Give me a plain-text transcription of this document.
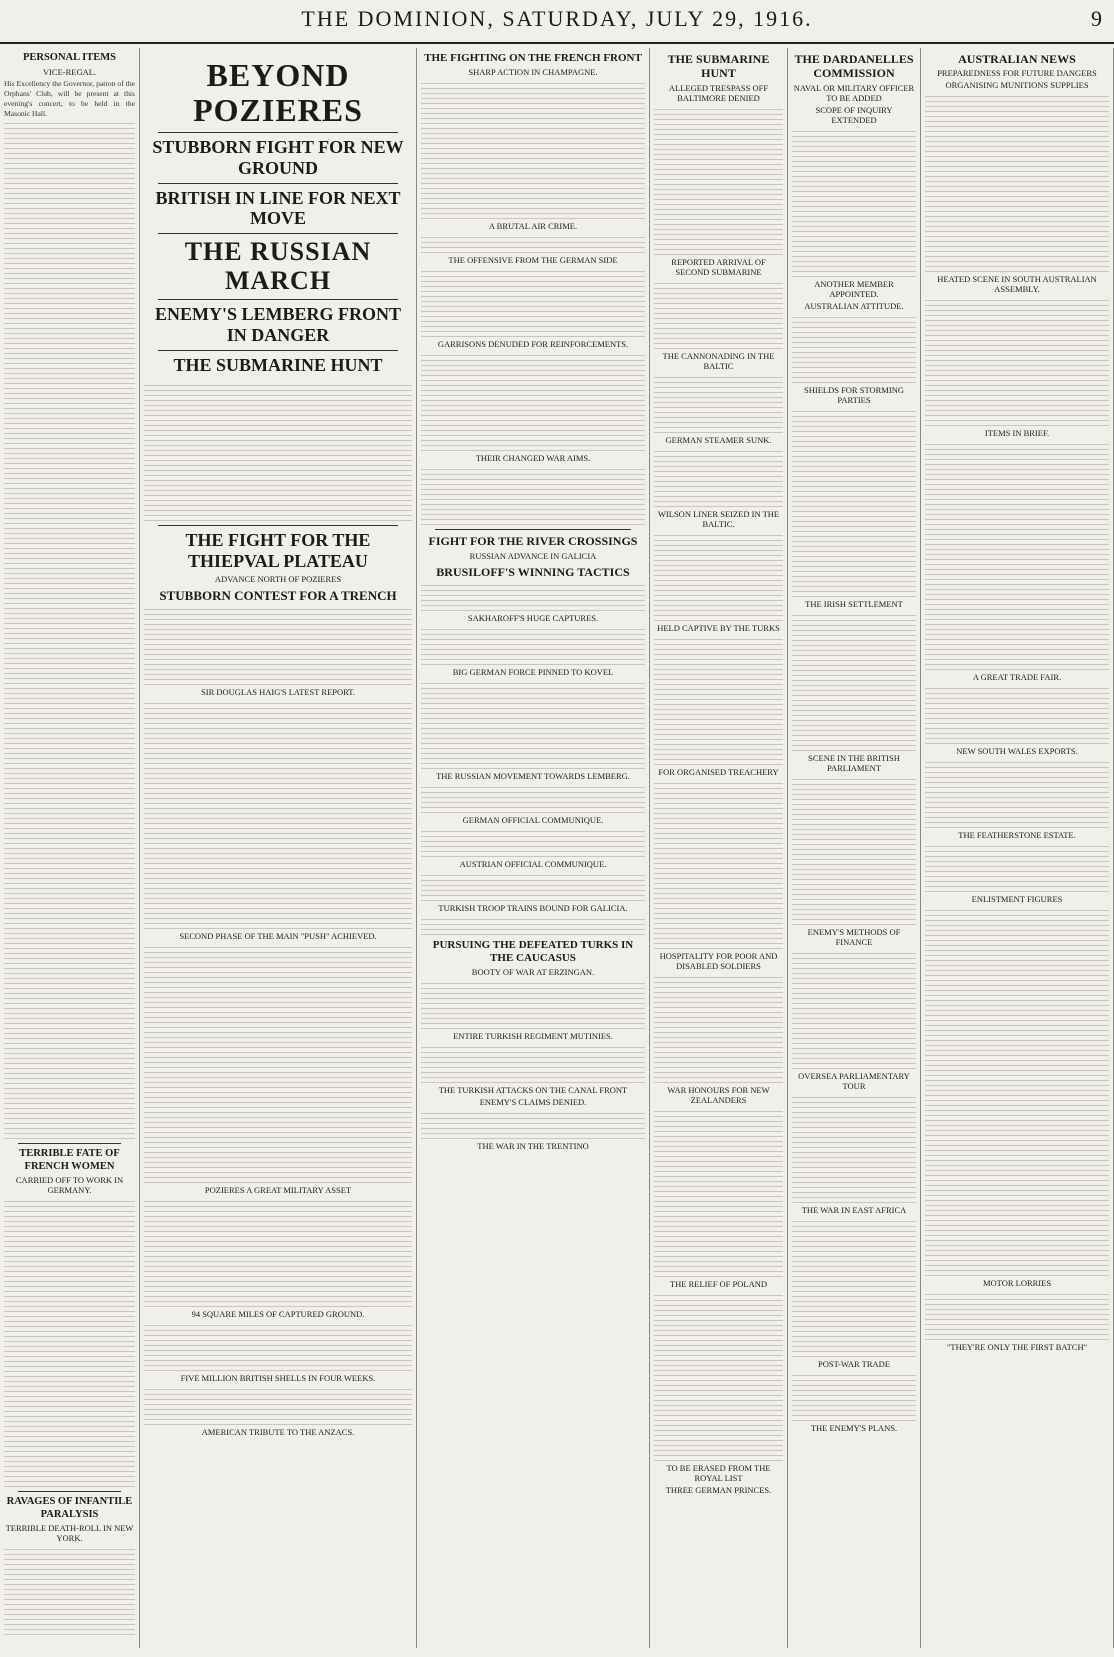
THE DOMINION, SATURDAY, JULY 29, 1916.	9
PERSONAL ITEMS
VICE-REGAL.
His Excellency the Governor, patron of the Orphans' Club, will be present at this evening's concert, to be held in the Masonic Hall.
TERRIBLE FATE OF FRENCH WOMEN
CARRIED OFF TO WORK IN GERMANY.
RAVAGES OF INFANTILE PARALYSIS
TERRIBLE DEATH-ROLL IN NEW YORK.
BEYOND POZIERES
STUBBORN FIGHT FOR NEW GROUND
BRITISH IN LINE FOR NEXT MOVE
THE RUSSIAN MARCH
ENEMY'S LEMBERG FRONT IN DANGER
THE SUBMARINE HUNT
THE FIGHT FOR THE THIEPVAL PLATEAU
ADVANCE NORTH OF POZIERES
STUBBORN CONTEST FOR A TRENCH
SIR DOUGLAS HAIG'S LATEST REPORT.
SECOND PHASE OF THE MAIN "PUSH" ACHIEVED.
POZIERES A GREAT MILITARY ASSET
94 SQUARE MILES OF CAPTURED GROUND.
FIVE MILLION BRITISH SHELLS IN FOUR WEEKS.
AMERICAN TRIBUTE TO THE ANZACS.
THE FIGHTING ON THE FRENCH FRONT
SHARP ACTION IN CHAMPAGNE.
A BRUTAL AIR CRIME.
THE OFFENSIVE FROM THE GERMAN SIDE
GARRISONS DENUDED FOR REINFORCEMENTS.
THEIR CHANGED WAR AIMS.
FIGHT FOR THE RIVER CROSSINGS
RUSSIAN ADVANCE IN GALICIA
BRUSILOFF'S WINNING TACTICS
SAKHAROFF'S HUGE CAPTURES.
BIG GERMAN FORCE PINNED TO KOVEL
THE RUSSIAN MOVEMENT TOWARDS LEMBERG.
GERMAN OFFICIAL COMMUNIQUE.
AUSTRIAN OFFICIAL COMMUNIQUE.
TURKISH TROOP TRAINS BOUND FOR GALICIA.
PURSUING THE DEFEATED TURKS IN THE CAUCASUS
BOOTY OF WAR AT ERZINGAN.
ENTIRE TURKISH REGIMENT MUTINIES.
THE TURKISH ATTACKS ON THE CANAL FRONT
ENEMY'S CLAIMS DENIED.
THE WAR IN THE TRENTINO
THE SUBMARINE HUNT
ALLEGED TRESPASS OFF BALTIMORE DENIED
REPORTED ARRIVAL OF SECOND SUBMARINE
THE CANNONADING IN THE BALTIC
GERMAN STEAMER SUNK.
WILSON LINER SEIZED IN THE BALTIC.
HELD CAPTIVE BY THE TURKS
FOR ORGANISED TREACHERY
HOSPITALITY FOR POOR AND DISABLED SOLDIERS
WAR HONOURS FOR NEW ZEALANDERS
THE RELIEF OF POLAND
TO BE ERASED FROM THE ROYAL LIST
THREE GERMAN PRINCES.
THE DARDANELLES COMMISSION
NAVAL OR MILITARY OFFICER TO BE ADDED
SCOPE OF INQUIRY EXTENDED
ANOTHER MEMBER APPOINTED.
AUSTRALIAN ATTITUDE.
SHIELDS FOR STORMING PARTIES
THE IRISH SETTLEMENT
SCENE IN THE BRITISH PARLIAMENT
ENEMY'S METHODS OF FINANCE
OVERSEA PARLIAMENTARY TOUR
THE WAR IN EAST AFRICA
POST-WAR TRADE
THE ENEMY'S PLANS.
AUSTRALIAN NEWS
PREPAREDNESS FOR FUTURE DANGERS
ORGANISING MUNITIONS SUPPLIES
HEATED SCENE IN SOUTH AUSTRALIAN ASSEMBLY.
ITEMS IN BRIEF.
A GREAT TRADE FAIR.
NEW SOUTH WALES EXPORTS.
THE FEATHERSTONE ESTATE.
ENLISTMENT FIGURES
MOTOR LORRIES
"THEY'RE ONLY THE FIRST BATCH"
